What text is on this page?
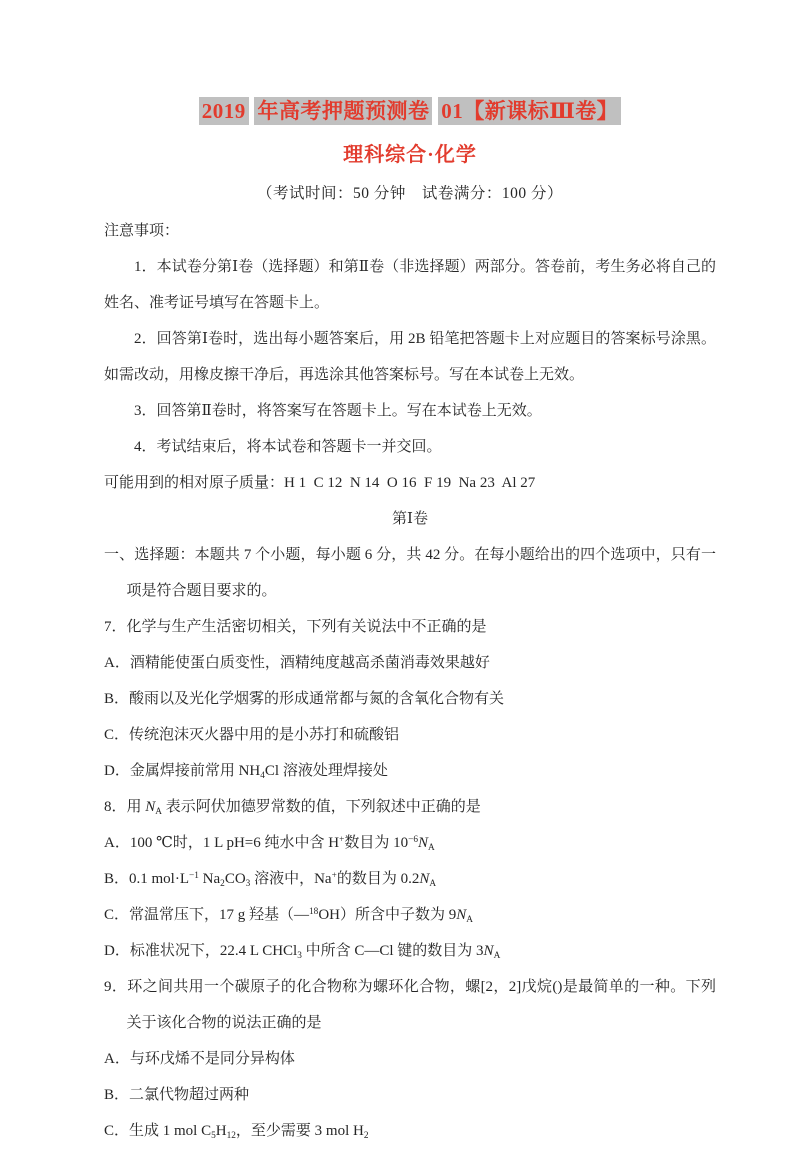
2019 年高考押题预测卷 01【新课标Ⅲ卷】
理科综合·化学
（考试时间：50 分钟　试卷满分：100 分）

注意事项：

1．本试卷分第Ⅰ卷（选择题）和第Ⅱ卷（非选择题）两部分。答卷前，考生务必将自己的姓名、准考证号填写在答题卡上。

2．回答第Ⅰ卷时，选出每小题答案后，用 2B 铅笔把答题卡上对应题目的答案标号涂黑。如需改动，用橡皮擦干净后，再选涂其他答案标号。写在本试卷上无效。

3．回答第Ⅱ卷时，将答案写在答题卡上。写在本试卷上无效。

4．考试结束后，将本试卷和答题卡一并交回。

可能用到的相对原子质量：H 1  C 12  N 14  O 16  F 19  Na 23  Al 27

第Ⅰ卷

一、选择题：本题共 7 个小题，每小题 6 分，共 42 分。在每小题给出的四个选项中，只有一项是符合题目要求的。

7．化学与生产生活密切相关，下列有关说法中不正确的是

A．酒精能使蛋白质变性，酒精纯度越高杀菌消毒效果越好

B．酸雨以及光化学烟雾的形成通常都与氮的含氧化合物有关

C．传统泡沫灭火器中用的是小苏打和硫酸铝

D．金属焊接前常用 $NH_4Cl$ 溶液处理焊接处

8．用 $N_A$ 表示阿伏加德罗常数的值，下列叙述中正确的是

A．100 ℃时，1 L pH=6 纯水中含 H+数目为 $10^{-6}N_A$

B．0.1 $mol\cdot L^{-1}$ $Na_2CO_3$ 溶液中，Na+的数目为 $0.2N_A$

C．常温常压下，17 g 羟基（—$^{18}$OH）所含中子数为 $9N_A$

D．标准状况下，22.4 L CHCl$_3$ 中所含 C—Cl 键的数目为 $3N_A$

9．环之间共用一个碳原子的化合物称为螺环化合物，螺[2，2]戊烷()是最简单的一种。下列关于该化合物的说法正确的是

A．与环戊烯不是同分异构体

B．二氯代物超过两种

C．生成 1 mol $C_5H_{12}$，至少需要 3 mol $H_2$
